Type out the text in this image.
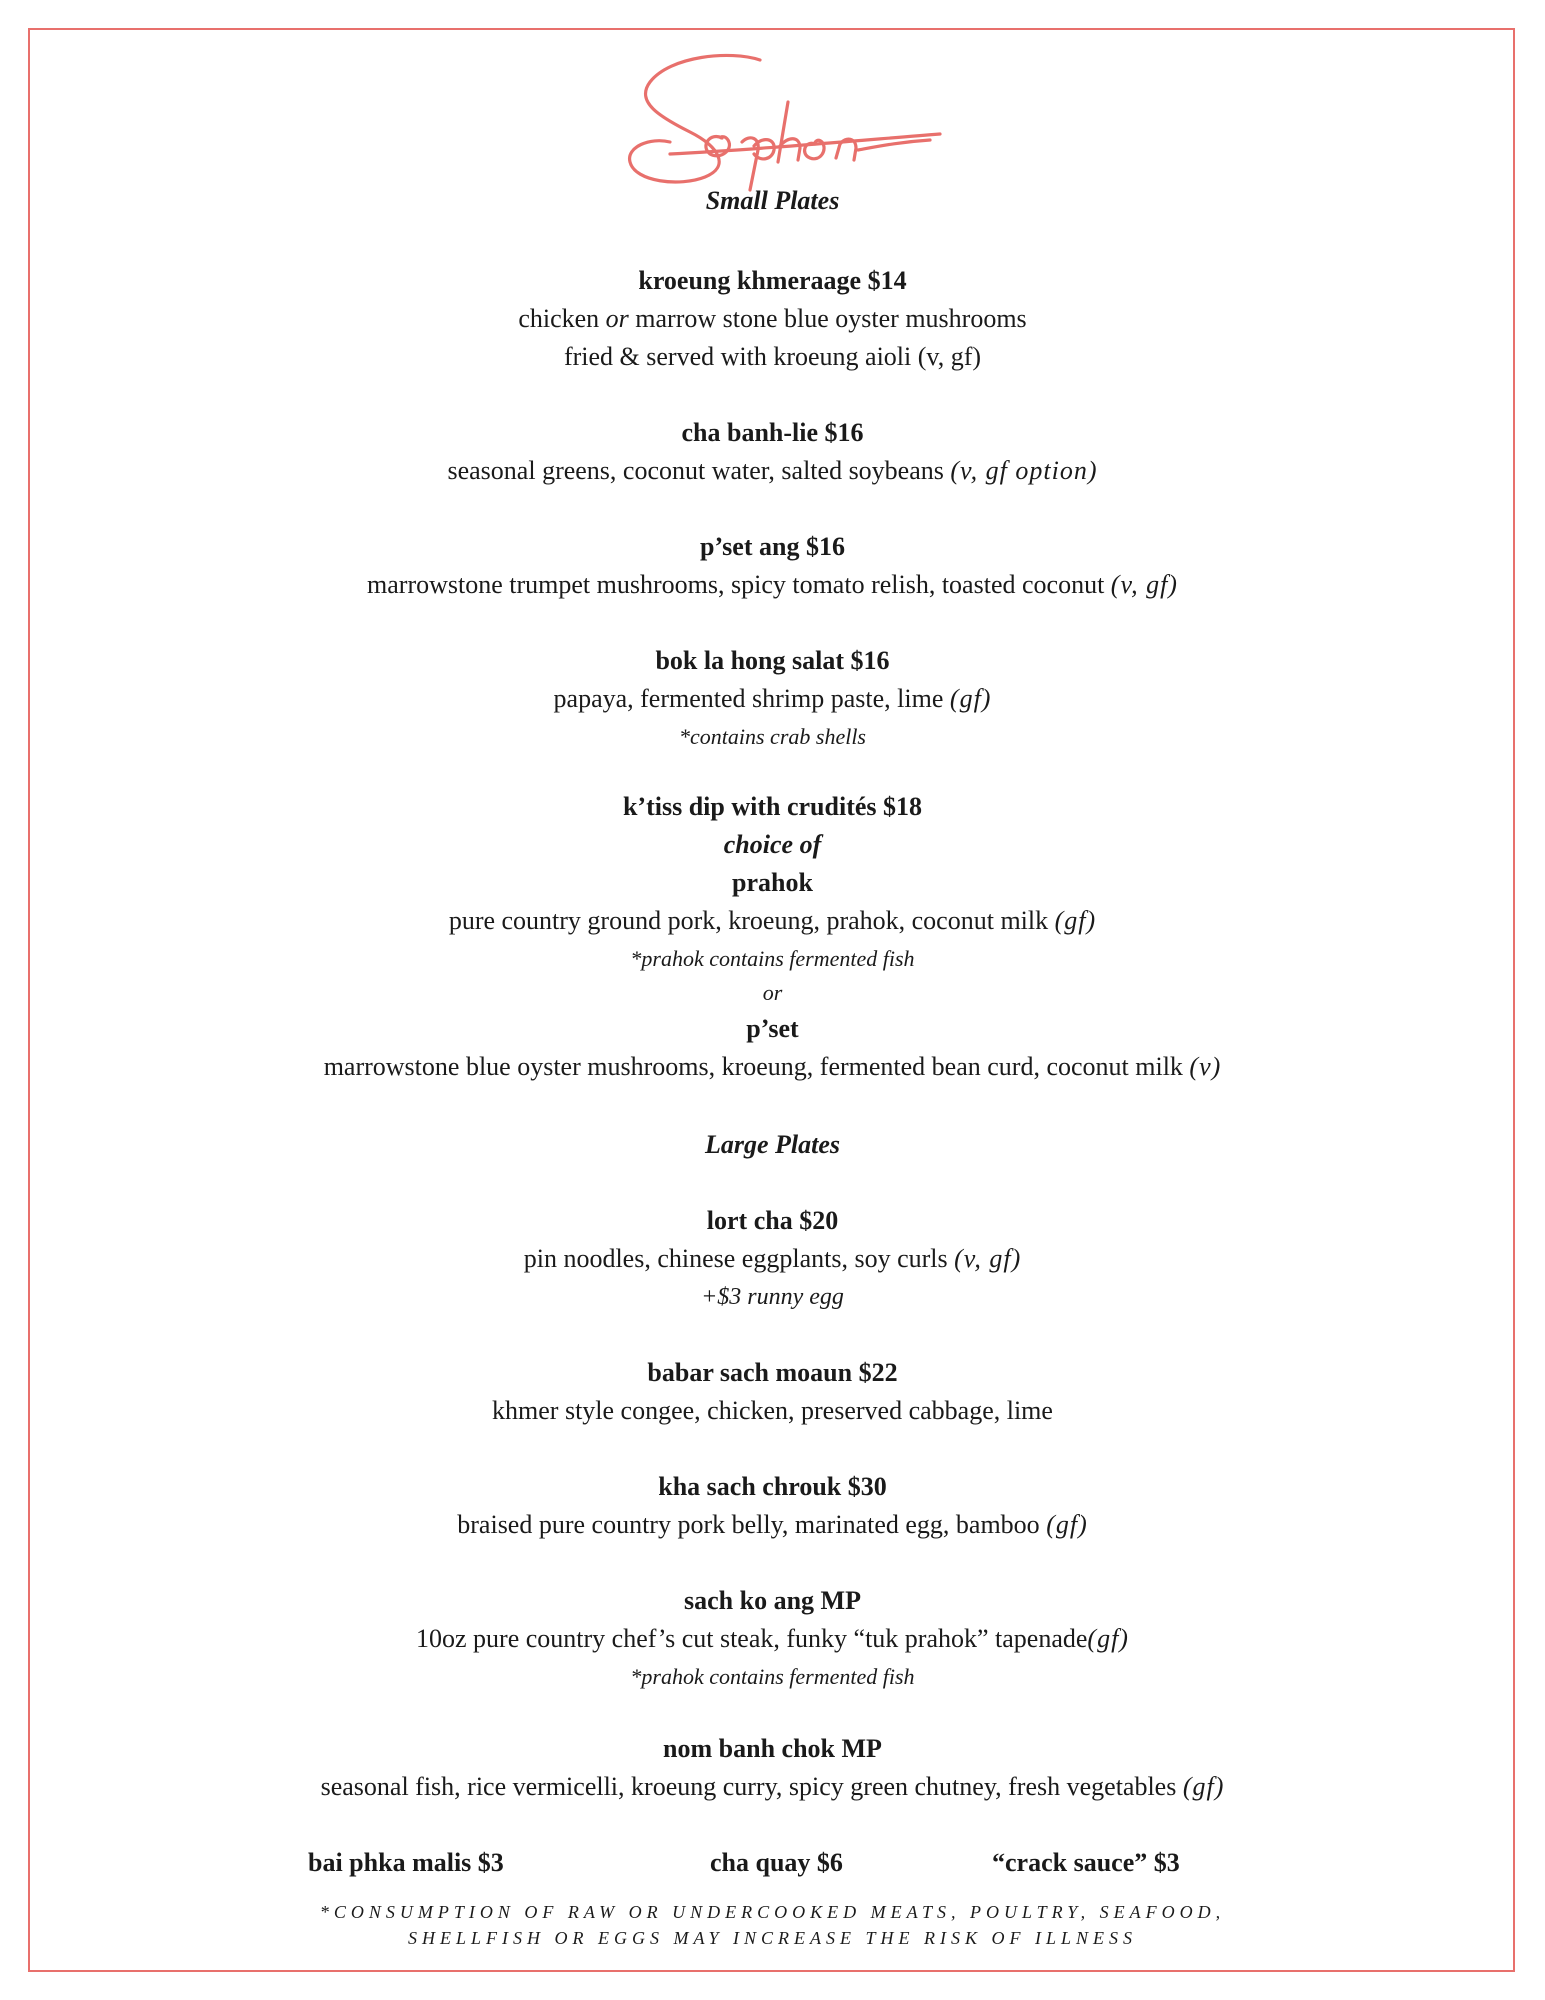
Small Plates
kroeung khmeraage $14
chicken or marrow stone blue oyster mushrooms
fried & served with kroeung aioli (v, gf)
cha banh-lie $16
seasonal greens, coconut water, salted soybeans (v, gf option)
p’set ang $16
marrowstone trumpet mushrooms, spicy tomato relish, toasted coconut (v, gf)
bok la hong salat $16
papaya, fermented shrimp paste, lime (gf)
*contains crab shells
k’tiss dip with crudités $18
choice of
prahok
pure country ground pork, kroeung, prahok, coconut milk (gf)
*prahok contains fermented fish
or
p’set
marrowstone blue oyster mushrooms, kroeung, fermented bean curd, coconut milk (v)
Large Plates
lort cha $20
pin noodles, chinese eggplants, soy curls (v, gf)
+$3 runny egg
babar sach moaun $22
khmer style congee, chicken, preserved cabbage, lime
kha sach chrouk $30
braised pure country pork belly, marinated egg, bamboo (gf)
sach ko ang MP
10oz pure country chef’s cut steak, funky “tuk prahok” tapenade(gf)
*prahok contains fermented fish
nom banh chok MP
seasonal fish, rice vermicelli, kroeung curry, spicy green chutney, fresh vegetables (gf)
bai phka malis $3	cha quay $6	“crack sauce” $3
*CONSUMPTION OF RAW OR UNDERCOOKED MEATS, POULTRY, SEAFOOD,
SHELLFISH OR EGGS MAY INCREASE THE RISK OF ILLNESS
